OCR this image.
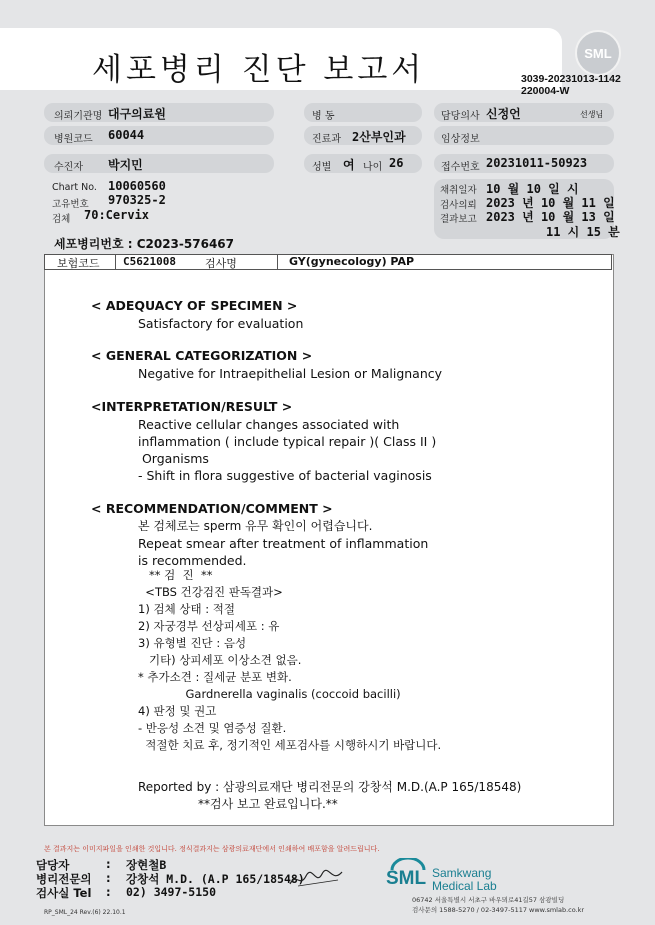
세포병리 진단 보고서	SML
3039-20231013-1142
220004-W
의뢰기관명 대구의료원	병 동	담당의사 신정언	선생님
병원코드 60044	진료과 2산부인과	임상정보
수진자 박지민	성별 여 나이 26	접수번호 20231011-50923
Chart No. 10060560
고유번호 970325-2
검체 70:Cervix
채취일자 10 월 10 일 시
검사의뢰 2023 년 10 월 11 일
결과보고 2023 년 10 월 13 일
11 시 15 분
세포병리번호 : C2023-576467
보험코드 C5621008	검사명	GY(gynecology) PAP
< ADEQUACY OF SPECIMEN >
Satisfactory for evaluation
< GENERAL CATEGORIZATION >
Negative for Intraepithelial Lesion or Malignancy
<INTERPRETATION/RESULT >
Reactive cellular changes associated with
inflammation ( include typical repair )( Class II )
Organisms
- Shift in flora suggestive of bacterial vaginosis
< RECOMMENDATION/COMMENT >
본 검체로는 sperm 유무 확인이 어렵습니다.
Repeat smear after treatment of inflammation
is recommended.
** 검  진  **
<TBS 건강검진 판독결과>
1) 검체 상태 : 적절
2) 자궁경부 선상피세포 : 유
3) 유형별 진단 : 음성
기타) 상피세포 이상소견 없음.
* 추가소견 : 질세균 분포 변화.
Gardnerella vaginalis (coccoid bacilli)
4) 판정 및 권고
- 반응성 소견 및 염증성 질환.
적절한 치료 후, 정기적인 세포검사를 시행하시기 바랍니다.
Reported by : 삼광의료재단 병리전문의 강창석 M.D.(A.P 165/18548)
**검사 보고 완료입니다.**
본 결과지는 이미지파일을 인쇄한 것입니다. 정식결과지는 삼광의료재단에서 인쇄하여 배포함을 알려드립니다.
담당자	: 장현철B
병리전문의 : 강창석 M.D. (A.P 165/18548)
검사실 Tel : 02) 3497-5150
SML Samkwang
Medical Lab
06742 서울특별시 서초구 바우뫼로41길57 삼광빌딩
검사문의 1588-5270 / 02-3497-5117 www.smlab.co.kr
RP_SML_24 Rev.(6) 22.10.1
